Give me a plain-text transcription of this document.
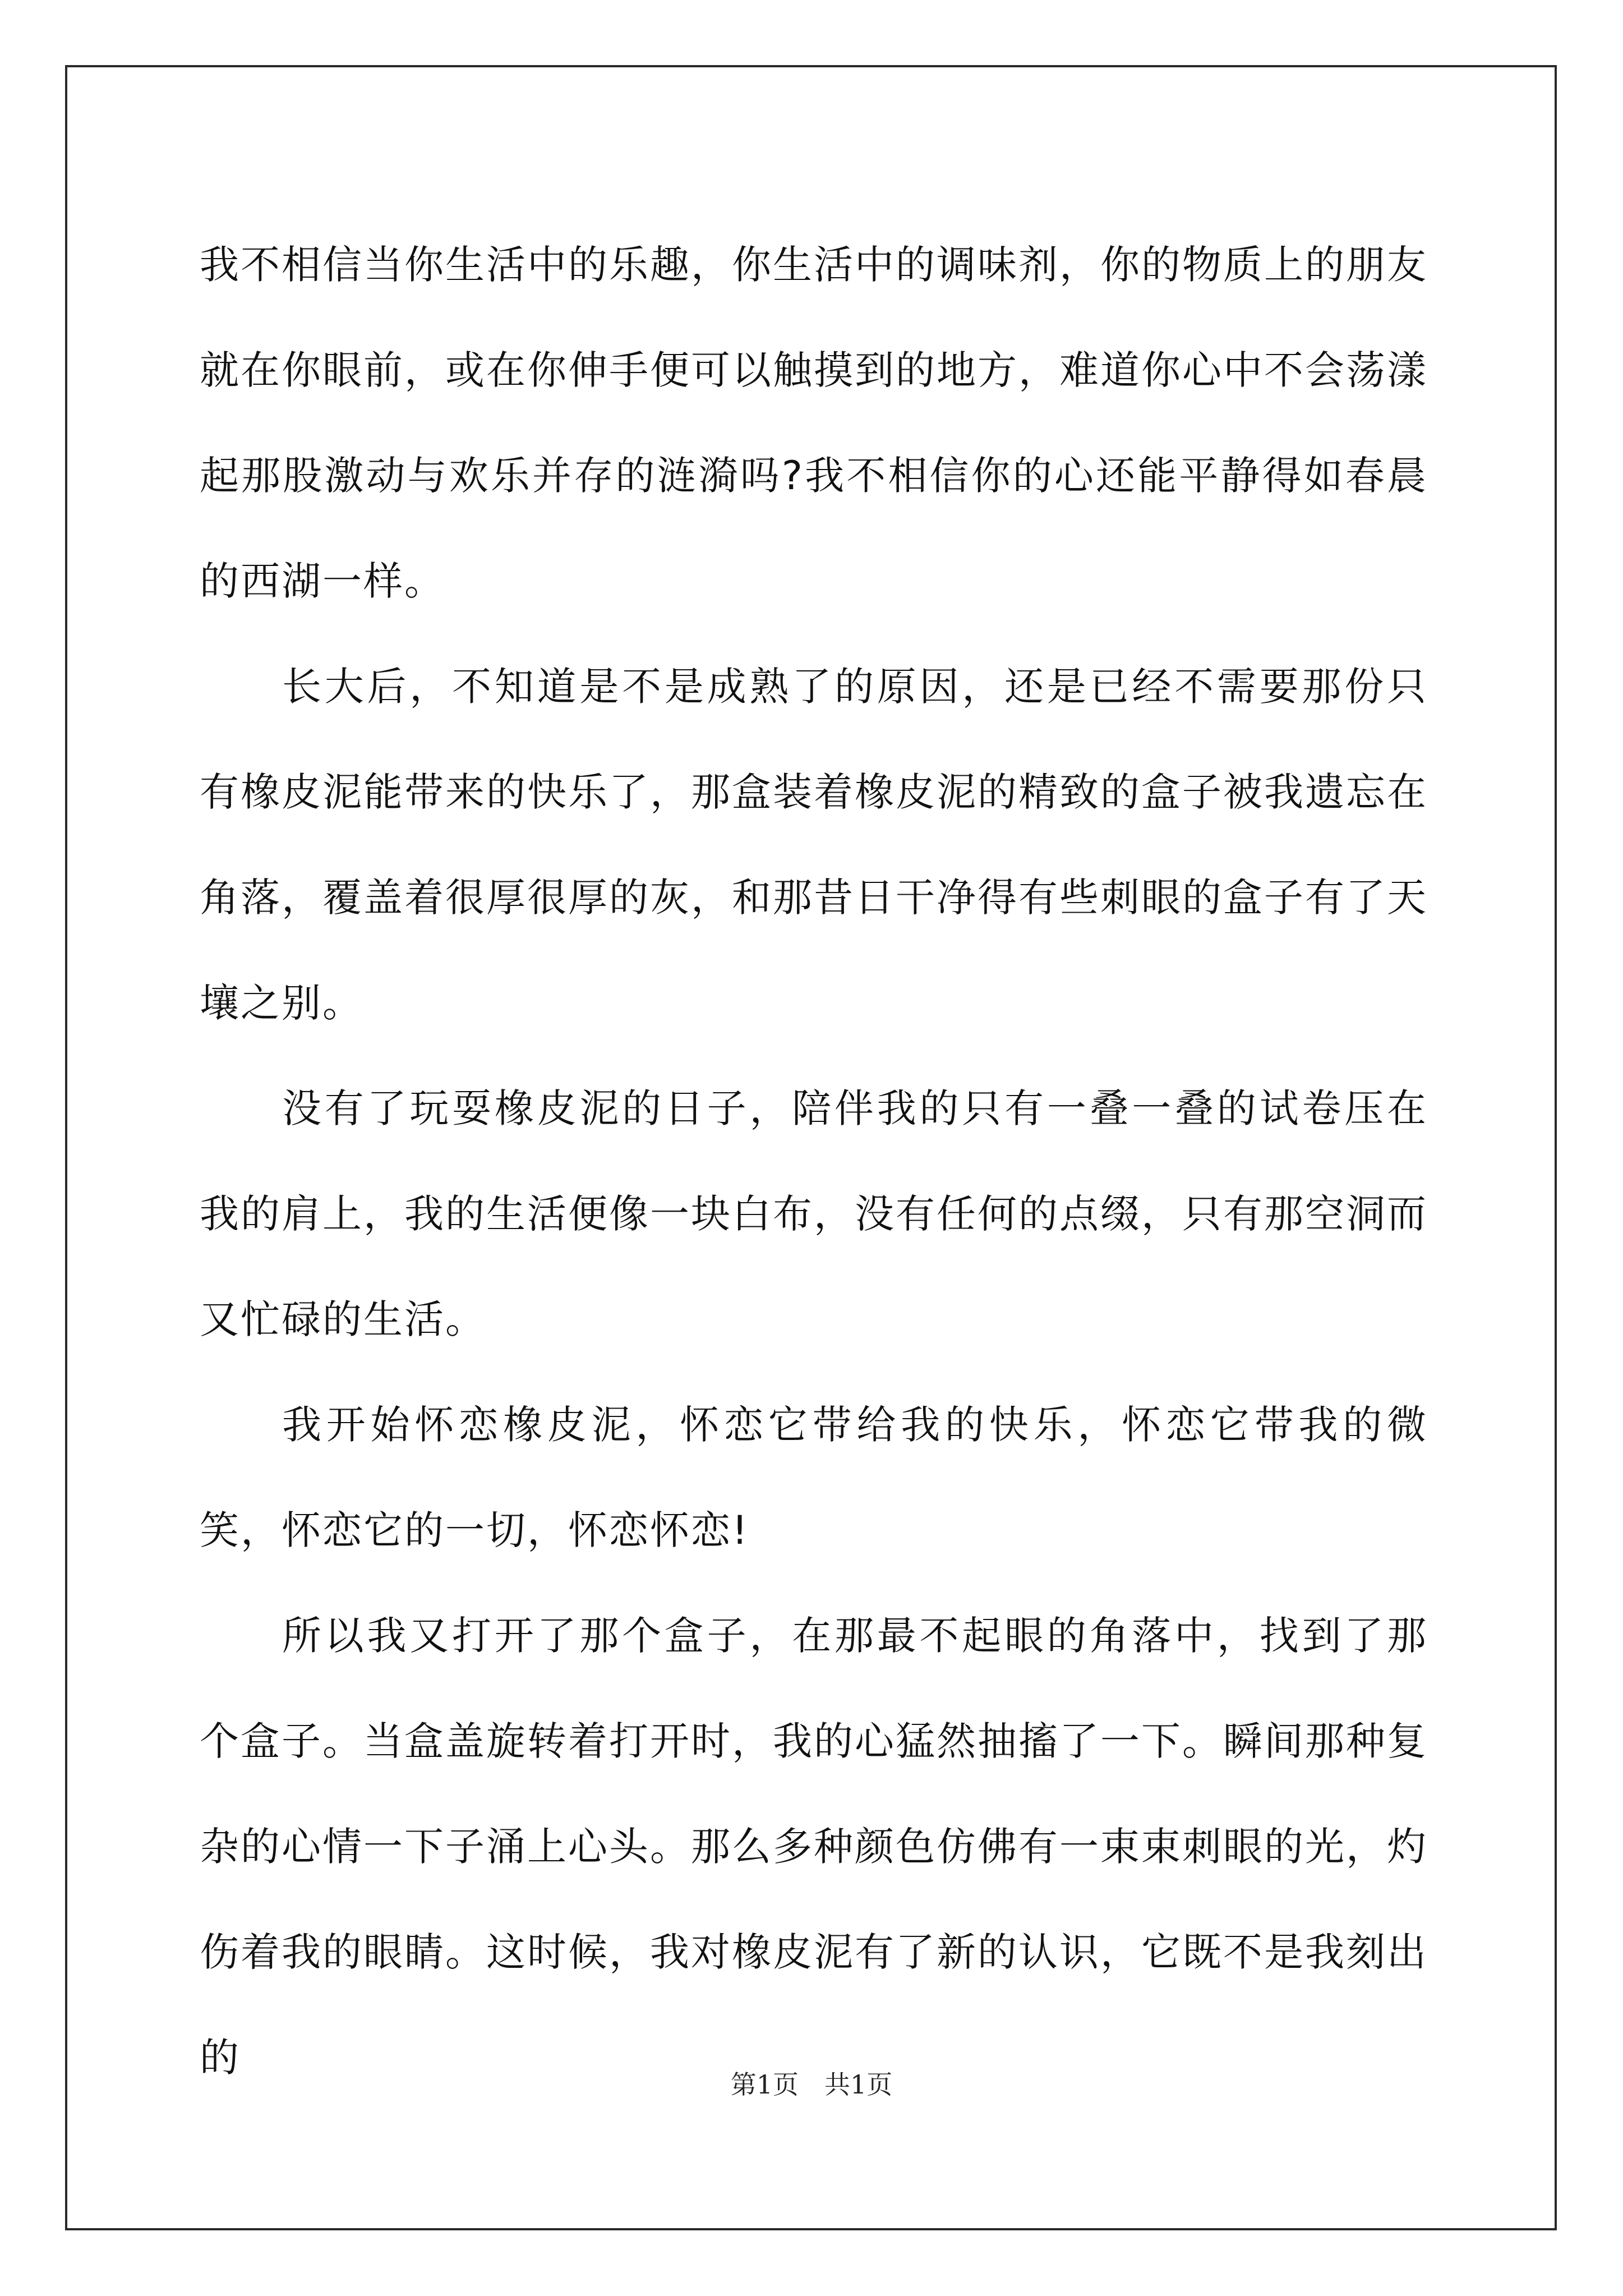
我不相信当你生活中的乐趣，你生活中的调味剂，你的物质上的朋友就在你眼前，或在你伸手便可以触摸到的地方，难道你心中不会荡漾起那股激动与欢乐并存的涟漪吗?我不相信你的心还能平静得如春晨的西湖一样。

长大后，不知道是不是成熟了的原因，还是已经不需要那份只有橡皮泥能带来的快乐了，那盒装着橡皮泥的精致的盒子被我遗忘在角落，覆盖着很厚很厚的灰，和那昔日干净得有些刺眼的盒子有了天壤之别。

没有了玩耍橡皮泥的日子，陪伴我的只有一叠一叠的试卷压在我的肩上，我的生活便像一块白布，没有任何的点缀，只有那空洞而又忙碌的生活。

我开始怀恋橡皮泥，怀恋它带给我的快乐，怀恋它带我的微笑，怀恋它的一切，怀恋怀恋!

所以我又打开了那个盒子，在那最不起眼的角落中，找到了那个盒子。当盒盖旋转着打开时，我的心猛然抽搐了一下。瞬间那种复杂的心情一下子涌上心头。那么多种颜色仿佛有一束束刺眼的光，灼伤着我的眼睛。这时候，我对橡皮泥有了新的认识，它既不是我刻出的

第1页　共1页
